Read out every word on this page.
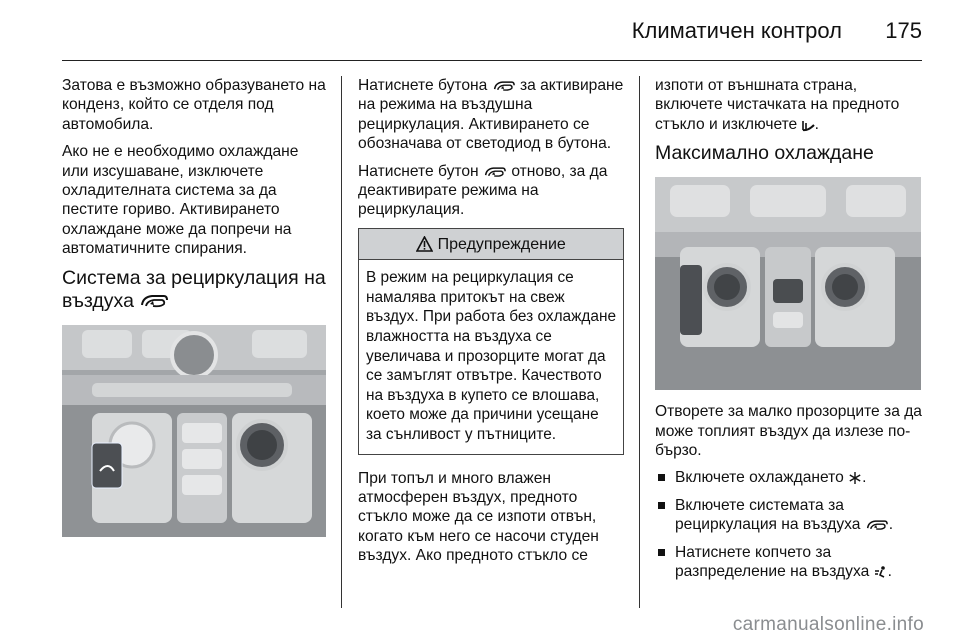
Климатичен контрол 175

Затова е възможно образуването на конденз, който се отделя под автомобила.

Ако не е необходимо охлаждане или изсушаване, изключете охладителната система за да пестите гориво. Активирането охлаждане може да попречи на автоматичните спирания.

Система за рециркулация на въздуха

Натиснете бутона за активиране на режима на въздушна рециркулация. Активирането се обозначава от светодиод в бутона.

Натиснете бутон отново, за да деактивирате режима на рециркулация.

Предупреждение
В режим на рециркулация се намалява притокът на свеж въздух. При работа без охлаждане влажността на въздуха се увеличава и прозорците могат да се замъглят отвътре. Качеството на въздуха в купето се влошава, което може да причини усещане за сънливост у пътниците.

При топъл и много влажен атмосферен въздух, предното стъкло може да се изпоти отвън, когато към него се насочи студен въздух. Ако предното стъкло се

изпоти от външната страна, включете чистачката на предното стъкло и изключете .

Максимално охлаждане

Отворете за малко прозорците за да може топлият въздух да излезе по-бързо.

Включете охлаждането .
Включете системата за рециркулация на въздуха .
Натиснете копчето за разпределение на въздуха .
carmanualsonline.info
